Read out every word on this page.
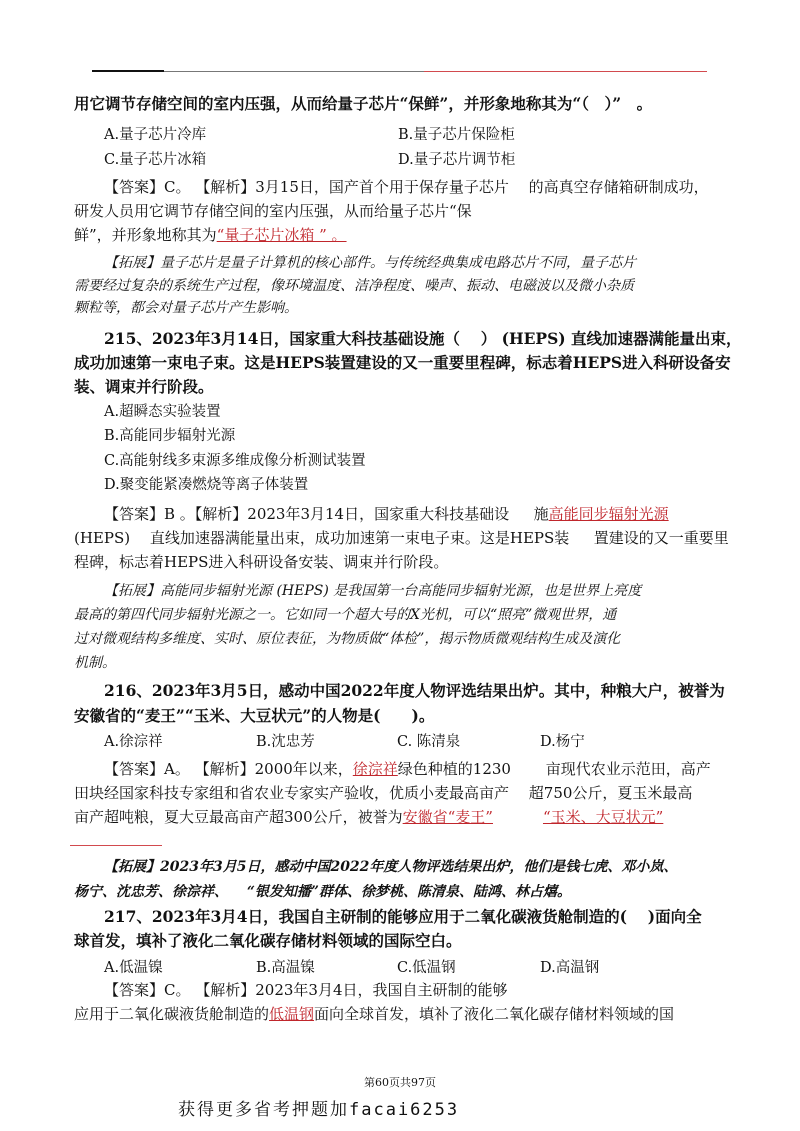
用它调节存储空间的室内压强，从而给量子芯片“保鲜”，并形象地称其为“（　）”　。
A.量子芯片冷库	B.量子芯片保险柜
C.量子芯片冰箱	D.量子芯片调节柜
【答案】C。 【解析】3月15日，国产首个用于保存量子芯片 　的高真空存储箱研制成功，
研发人员用它调节存储空间的室内压强，从而给量子芯片“保
鲜”，并形象地称其为“量子芯片冰箱 ” 。
【拓展】量子芯片是量子计算机的核心部件。与传统经典集成电路芯片不同，量子芯片
需要经过复杂的系统生产过程，像环境温度、洁净程度、噪声、振动、电磁波以及微小杂质
颗粒等，都会对量子芯片产生影响。
215、2023年3月14日，国家重大科技基础设施（　 ） (HEPS) 直线加速器满能量出束，
成功加速第一束电子束。这是HEPS装置建设的又一重要里程碑，标志着HEPS进入科研设备安
装、调束并行阶段。
A.超瞬态实验装置
B.高能同步辐射光源
C.高能射线多束源多维成像分析测试装置
D.聚变能紧凑燃烧等离子体装置
【答案】B 。【解析】2023年3月14日，国家重大科技基础设 　 施高能同步辐射光源
(HEPS) 　直线加速器满能量出束，成功加速第一束电子束。这是HEPS装 　 置建设的又一重要里
程碑，标志着HEPS进入科研设备安装、调束并行阶段。
【拓展】高能同步辐射光源 (HEPS) 是我国第一台高能同步辐射光源，也是世界上亮度
最高的第四代同步辐射光源之一。它如同一个超大号的X光机，可以“照亮”微观世界，通
过对微观结构多维度、实时、原位表征，为物质做“体检”，揭示物质微观结构生成及演化
机制。
216、2023年3月5日，感动中国2022年度人物评选结果出炉。其中，种粮大户，被誉为
安徽省的“麦王”“玉米、大豆状元”的人物是(　　)。
A.徐淙祥	B.沈忠芳	C. 陈清泉	D.杨宁
【答案】A。 【解析】2000年以来，徐淙祥绿色种植的1230　 　亩现代农业示范田，高产
田块经国家科技专家组和省农业专家实产验收，优质小麦最高亩产　 超750公斤，夏玉米最高
亩产超吨粮，夏大豆最高亩产超300公斤，被誉为安徽省“麦王”	“玉米、大豆状元”
【拓展】2023年3月5日，感动中国2022年度人物评选结果出炉，他们是钱七虎、邓小岚、
杨宁、沈忠芳、徐淙祥、 　“银发知播”群体、徐梦桃、陈清泉、陆鸿、林占熺。
217、2023年3月4日，我国自主研制的能够应用于二氧化碳液货舱制造的(　 )面向全
球首发，填补了液化二氧化碳存储材料领域的国际空白。
A.低温镍	B.高温镍	C.低温钢	D.高温钢
【答案】C。 【解析】2023年3月4日，我国自主研制的能够
应用于二氧化碳液货舱制造的低温钢面向全球首发，填补了液化二氧化碳存储材料领域的国
第60页共97页
获得更多省考押题加facai6253
